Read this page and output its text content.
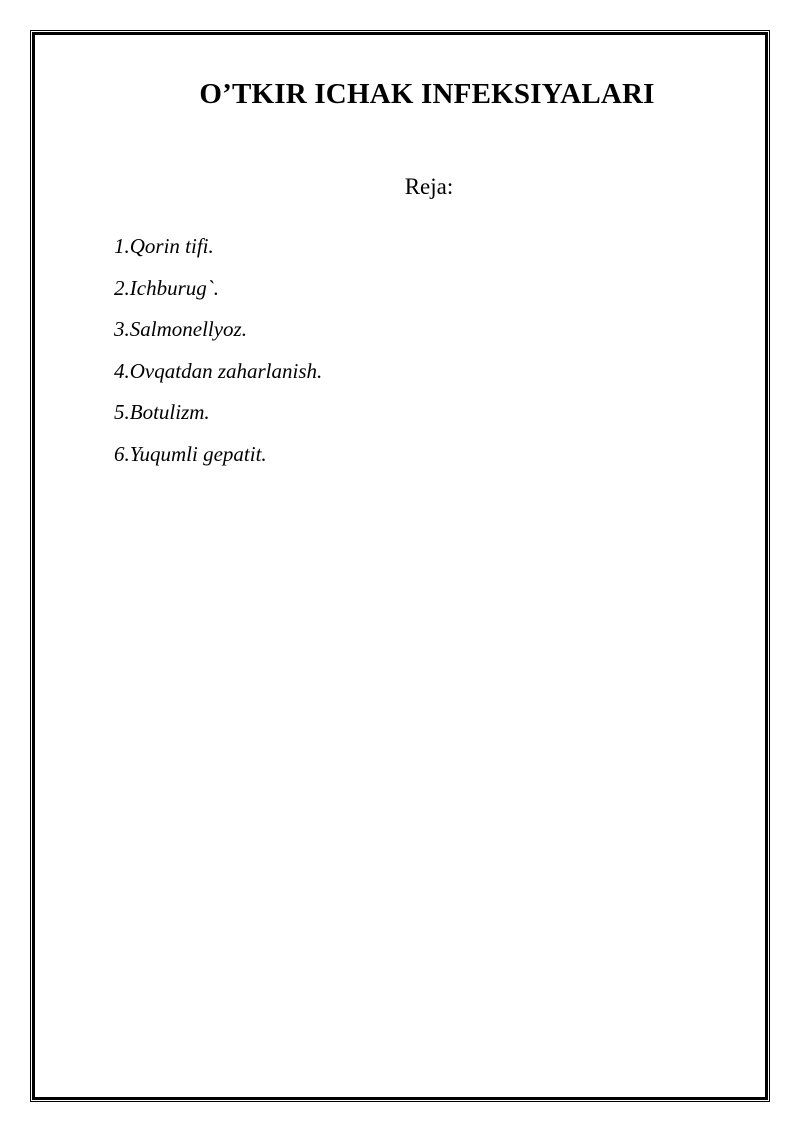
O’TKIR ICHAK INFEKSIYALARI
Reja:
1.Qorin tifi.
2.Ichburug`.
3.Salmonellyoz.
4.Ovqatdan zaharlanish.
5.Botulizm.
6.Yuqumli gepatit.
